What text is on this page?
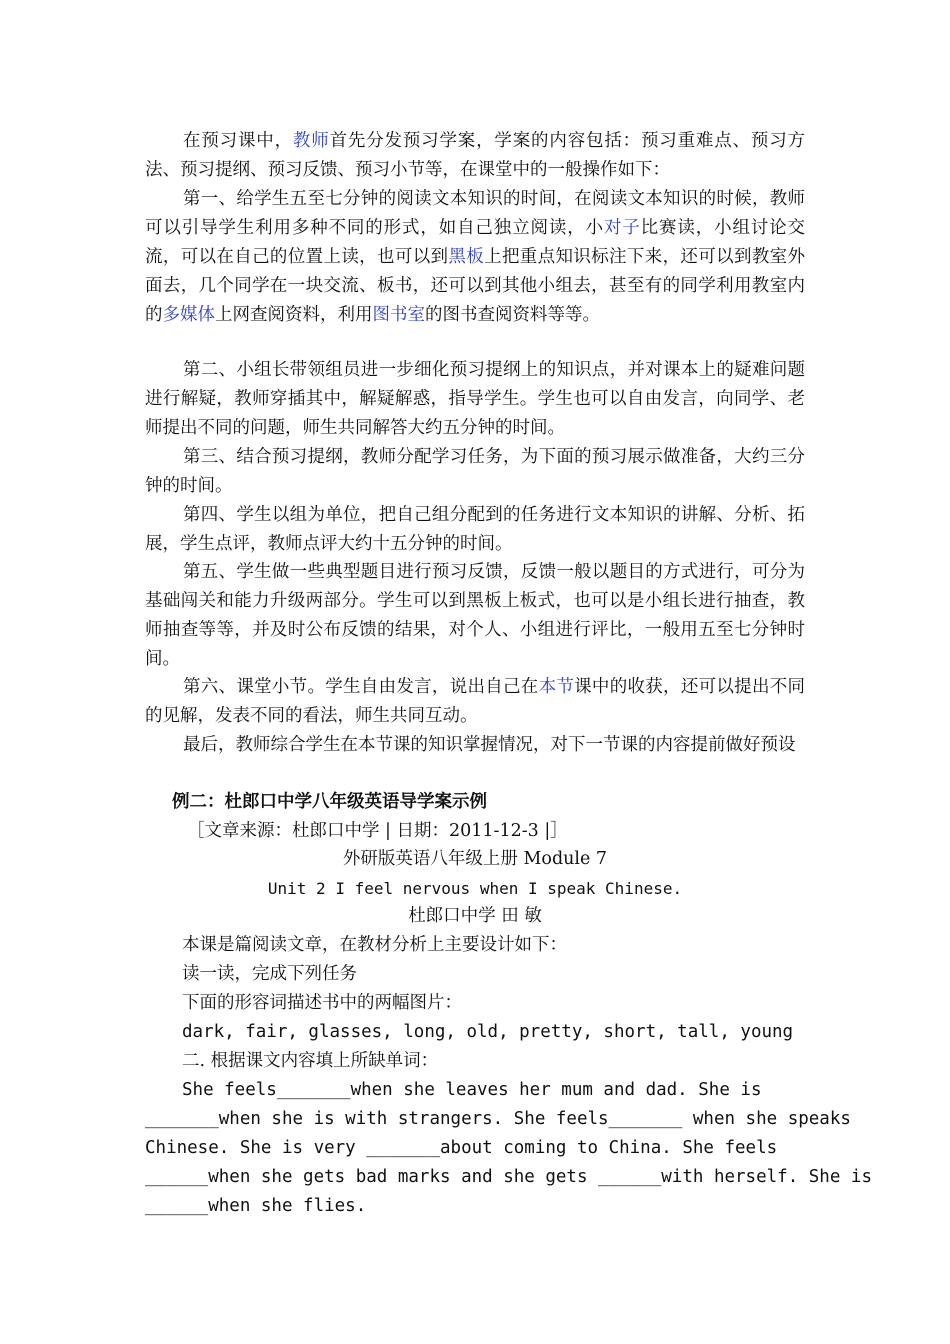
在预习课中，教师首先分发预习学案，学案的内容包括：预习重难点、预习方法、预习提纲、预习反馈、预习小节等，在课堂中的一般操作如下：

第一、给学生五至七分钟的阅读文本知识的时间，在阅读文本知识的时候，教师可以引导学生利用多种不同的形式，如自己独立阅读，小对子比赛读，小组讨论交流，可以在自己的位置上读，也可以到黑板上把重点知识标注下来，还可以到教室外面去，几个同学在一块交流、板书，还可以到其他小组去，甚至有的同学利用教室内的多媒体上网查阅资料，利用图书室的图书查阅资料等等。

第二、小组长带领组员进一步细化预习提纲上的知识点，并对课本上的疑难问题进行解疑，教师穿插其中，解疑解惑，指导学生。学生也可以自由发言，向同学、老师提出不同的问题，师生共同解答大约五分钟的时间。

第三、结合预习提纲，教师分配学习任务，为下面的预习展示做准备，大约三分钟的时间。

第四、学生以组为单位，把自己组分配到的任务进行文本知识的讲解、分析、拓展，学生点评，教师点评大约十五分钟的时间。

第五、学生做一些典型题目进行预习反馈，反馈一般以题目的方式进行，可分为基础闯关和能力升级两部分。学生可以到黑板上板式，也可以是小组长进行抽查，教师抽查等等，并及时公布反馈的结果，对个人、小组进行评比，一般用五至七分钟时间。

第六、课堂小节。学生自由发言，说出自己在本节课中的收获，还可以提出不同的见解，发表不同的看法，师生共同互动。

最后，教师综合学生在本节课的知识掌握情况，对下一节课的内容提前做好预设

例二：杜郎口中学八年级英语导学案示例

［文章来源：杜郎口中学 | 日期：2011-12-3 |］

外研版英语八年级上册 Module 7

Unit 2 I feel nervous when I speak Chinese.

杜郎口中学 田 敏

本课是篇阅读文章，在教材分析上主要设计如下：

读一读，完成下列任务

下面的形容词描述书中的两幅图片：

dark, fair, glasses, long, old, pretty, short, tall, young

二. 根据课文内容填上所缺单词：

She feels_______when she leaves her mum and dad. She is

_______when she is with strangers. She feels_______ when she speaks

Chinese. She is very _______about coming to China. She feels

______when she gets bad marks and she gets ______with herself. She is

______when she flies.
